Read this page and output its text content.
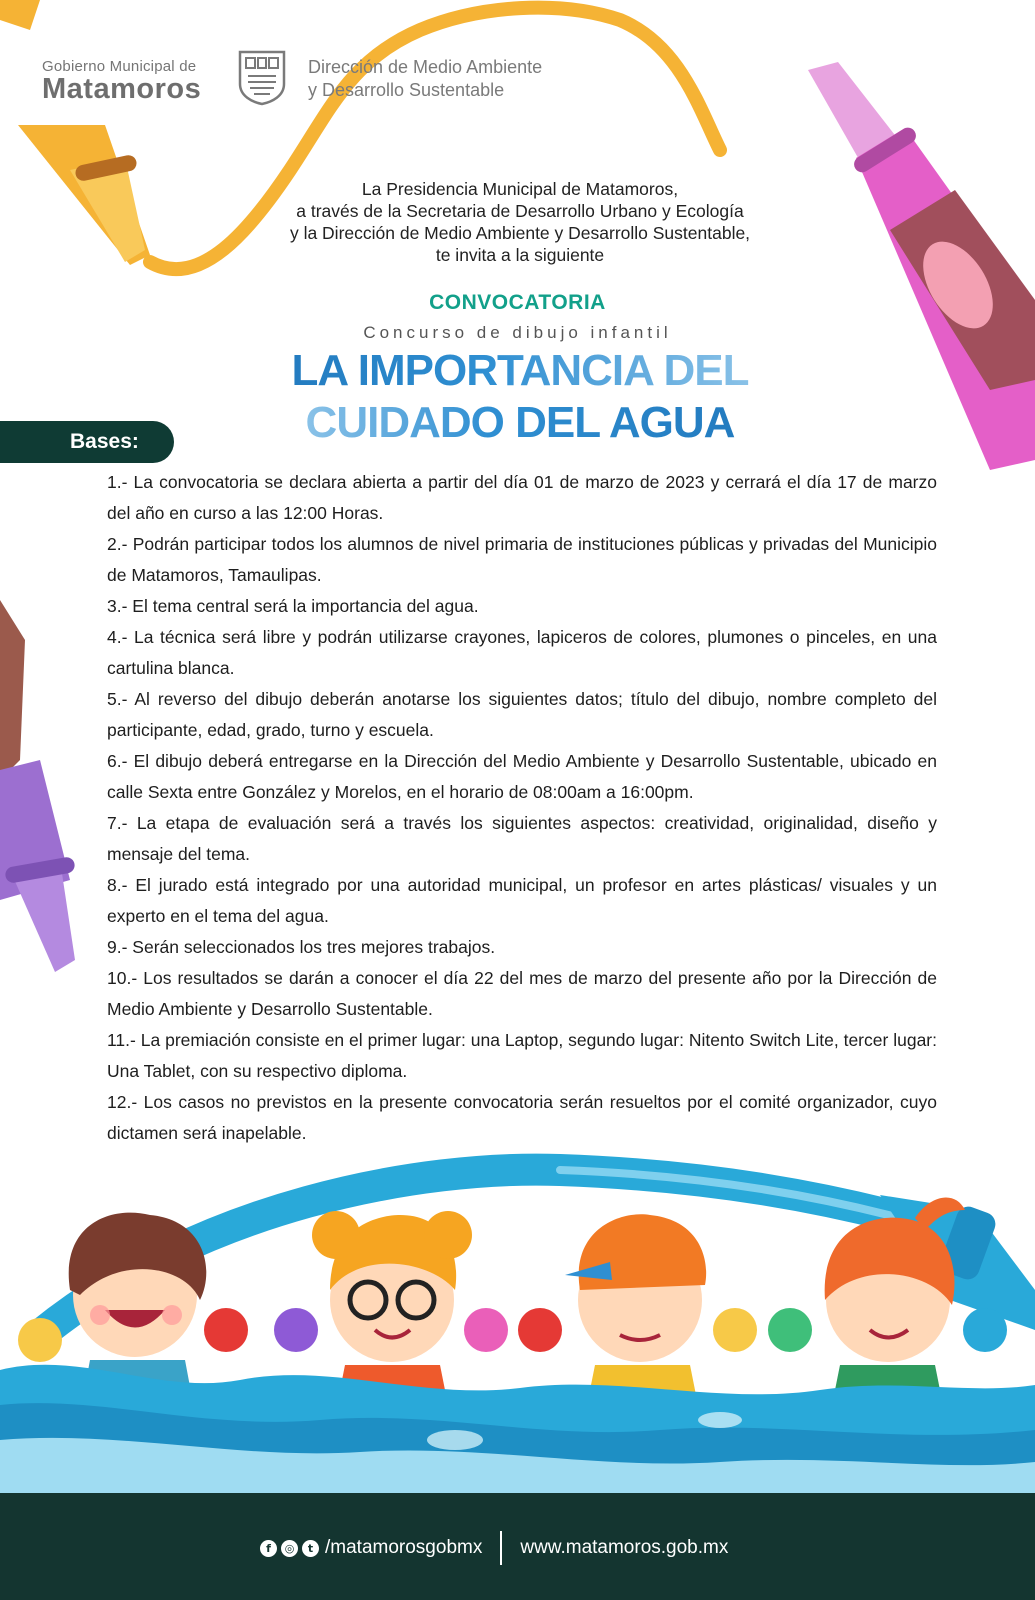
Gobierno Municipal de
Matamoros
Dirección de Medio Ambiente
y Desarrollo Sustentable
La Presidencia Municipal de Matamoros,
a través de la Secretaria de Desarrollo Urbano y Ecología
y la Dirección de Medio Ambiente y Desarrollo Sustentable,
te invita a la siguiente
CONVOCATORIA
Concurso de dibujo infantil
LA IMPORTANCIA DEL
CUIDADO DEL AGUA
Bases:
1.- La convocatoria se declara abierta a partir del día 01 de marzo de 2023 y cerrará el día 17 de marzo del año en curso a las 12:00 Horas.
2.- Podrán participar todos los alumnos de nivel primaria de instituciones públicas y privadas del Municipio de Matamoros, Tamaulipas.
3.- El tema central será la importancia del agua.
4.- La técnica será libre y podrán utilizarse crayones, lapiceros de colores, plumones o pinceles, en una cartulina blanca.
5.- Al reverso del dibujo deberán anotarse los siguientes datos; título del dibujo, nombre completo del participante, edad, grado, turno y escuela.
6.- El dibujo deberá entregarse en la Dirección del Medio Ambiente y Desarrollo Sustentable, ubicado en calle Sexta entre González y Morelos, en el horario de 08:00am a 16:00pm.
7.- La etapa de evaluación será a través los siguientes aspectos: creatividad, originalidad, diseño y mensaje del tema.
8.- El jurado está integrado por una autoridad municipal, un profesor en artes plásticas/ visuales y un experto en el tema del agua.
9.- Serán seleccionados los tres mejores trabajos.
10.- Los resultados se darán a conocer el día 22 del mes de marzo del presente año por la Dirección de Medio Ambiente y Desarrollo Sustentable.
11.- La premiación consiste en el primer lugar: una Laptop, segundo lugar: Nitento Switch Lite, tercer lugar: Una Tablet, con su respectivo diploma.
12.- Los casos no previstos en la presente convocatoria serán resueltos por el comité organizador, cuyo dictamen será inapelable.
f	◎	t /matamorosgobmx www.matamoros.gob.mx
